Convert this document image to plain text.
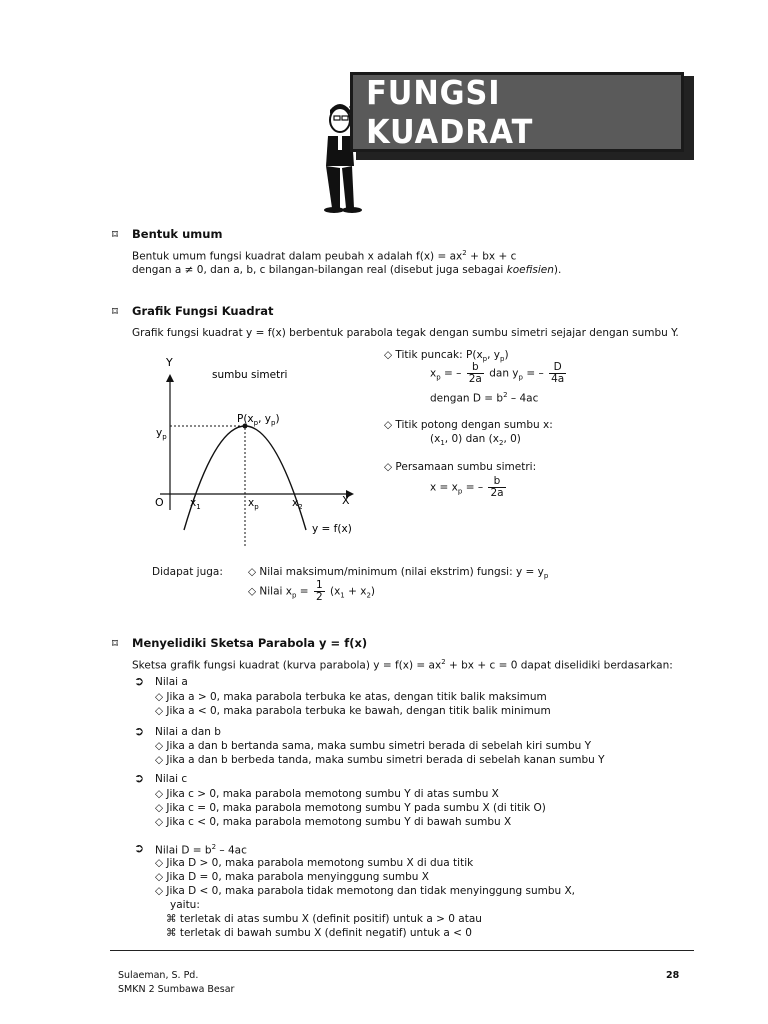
FUNGSI KUADRAT
⌑	Bentuk umum
Bentuk umum fungsi kuadrat dalam peubah x adalah $f(x) = ax^2$ + bx + c
dengan a ≠ 0, dan a, b, c bilangan-bilangan real (disebut juga sebagai koefisien).
⌑	Grafik Fungsi Kuadrat
Grafik fungsi kuadrat y = f(x) berbentuk parabola tegak dengan sumbu simetri sejajar dengan sumbu Y.
Y
X
O
sumbu simetri
$P(x_p$, $y_p$)
$y_p$
$x_1$	$x_p$	$x_2$
y = f(x)
◇ Titik puncak: $P(x_p$, $y_p$)
$x_p$ = – $\frac{b}{2a}$ dan $y_p$ = – $\frac{D}{4a}$
dengan $D = b^2 - 4ac$
◇ Titik potong dengan sumbu x:
($x_1$, 0) dan ($x_2$, 0)
◇ Persamaan sumbu simetri:
$x = x_p$ = – $\frac{b}{2a}$
Didapat juga: ◇ Nilai maksimum/minimum (nilai ekstrim) fungsi: $y = y_p$
◇ Nilai $x_p = \frac{1}{2} (x_1 + x_2)$
⌑	Menyelidiki Sketsa Parabola y = f(x)
Sketsa grafik fungsi kuadrat (kurva parabola) $y = f(x) = ax^2$ + bx + c = 0 dapat diselidiki berdasarkan:
➲ Nilai a
◇ Jika a > 0, maka parabola terbuka ke atas, dengan titik balik maksimum
◇ Jika a < 0, maka parabola terbuka ke bawah, dengan titik balik minimum
➲ Nilai a dan b
◇ Jika a dan b bertanda sama, maka sumbu simetri berada di sebelah kiri sumbu Y
◇ Jika a dan b berbeda tanda, maka sumbu simetri berada di sebelah kanan sumbu Y
➲ Nilai c
◇ Jika c > 0, maka parabola memotong sumbu Y di atas sumbu X
◇ Jika c = 0, maka parabola memotong sumbu Y pada sumbu X (di titik O)
◇ Jika c < 0, maka parabola memotong sumbu Y di bawah sumbu X
➲ Nilai $D = b^2 - 4ac$
◇ Jika D > 0, maka parabola memotong sumbu X di dua titik
◇ Jika D = 0, maka parabola menyinggung sumbu X
◇ Jika D < 0, maka parabola tidak memotong dan tidak menyinggung sumbu X,
yaitu:
⌘ terletak di atas sumbu X (definit positif) untuk a > 0 atau
⌘ terletak di bawah sumbu X (definit negatif) untuk a < 0
Sulaeman, S. Pd.
SMKN 2 Sumbawa Besar
28
